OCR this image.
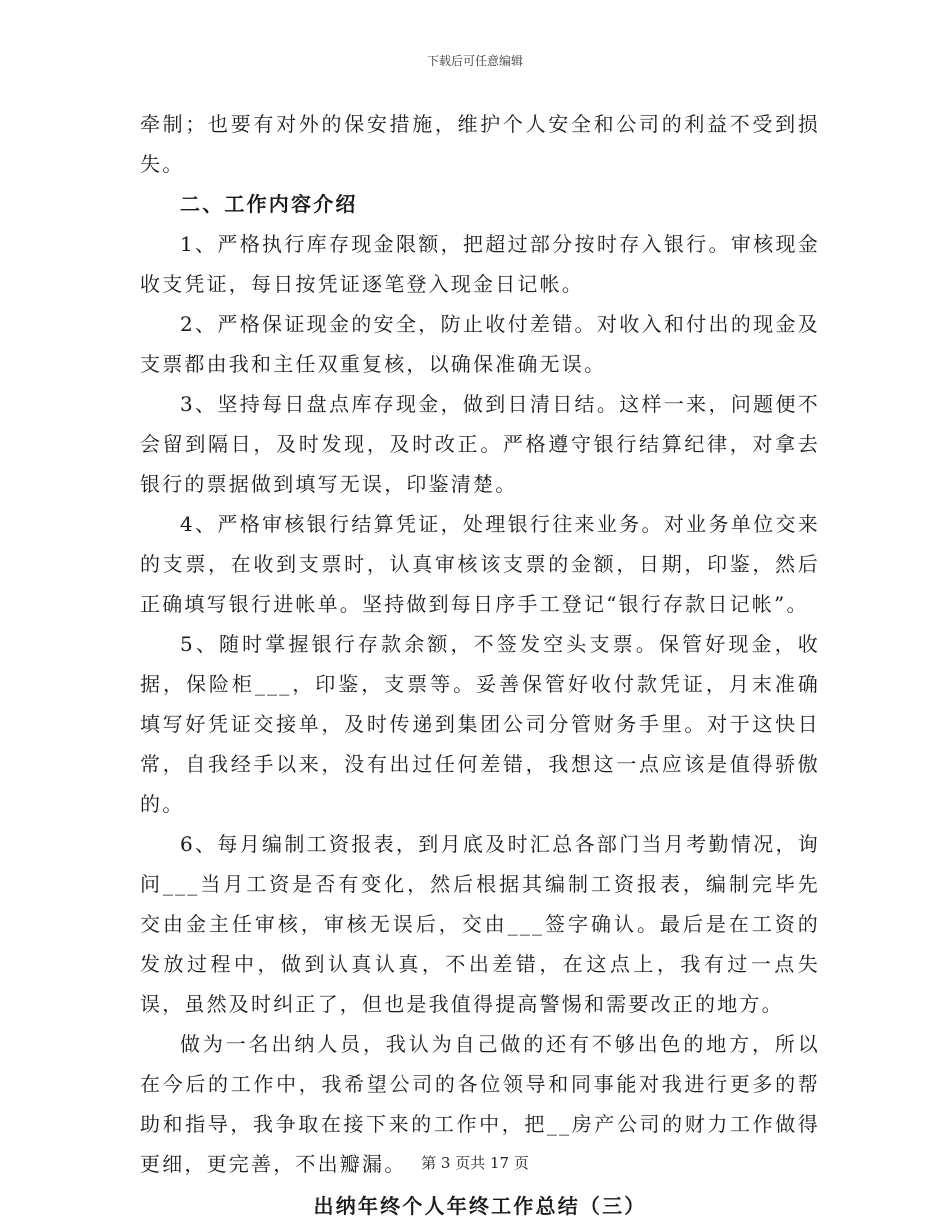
下载后可任意编辑

牵制；也要有对外的保安措施，维护个人安全和公司的利益不受到损失。

二、工作内容介绍

1、严格执行库存现金限额，把超过部分按时存入银行。审核现金收支凭证，每日按凭证逐笔登入现金日记帐。

2、严格保证现金的安全，防止收付差错。对收入和付出的现金及支票都由我和主任双重复核，以确保准确无误。

3、坚持每日盘点库存现金，做到日清日结。这样一来，问题便不会留到隔日，及时发现，及时改正。严格遵守银行结算纪律，对拿去银行的票据做到填写无误，印鉴清楚。

4、严格审核银行结算凭证，处理银行往来业务。对业务单位交来的支票，在收到支票时，认真审核该支票的金额，日期，印鉴，然后正确填写银行进帐单。坚持做到每日序手工登记“银行存款日记帐”。

5、随时掌握银行存款余额，不签发空头支票。保管好现金，收据，保险柜___，印鉴，支票等。妥善保管好收付款凭证，月末准确填写好凭证交接单，及时传递到集团公司分管财务手里。对于这快日常，自我经手以来，没有出过任何差错，我想这一点应该是值得骄傲的。

6、每月编制工资报表，到月底及时汇总各部门当月考勤情况，询问___当月工资是否有变化，然后根据其编制工资报表，编制完毕先交由金主任审核，审核无误后，交由___签字确认。最后是在工资的发放过程中，做到认真认真，不出差错，在这点上，我有过一点失误，虽然及时纠正了，但也是我值得提高警惕和需要改正的地方。

做为一名出纳人员，我认为自己做的还有不够出色的地方，所以在今后的工作中，我希望公司的各位领导和同事能对我进行更多的帮助和指导，我争取在接下来的工作中，把__房产公司的财力工作做得更细，更完善，不出瓣漏。

出纳年终个人年终工作总结（三）

第 3 页共 17 页
